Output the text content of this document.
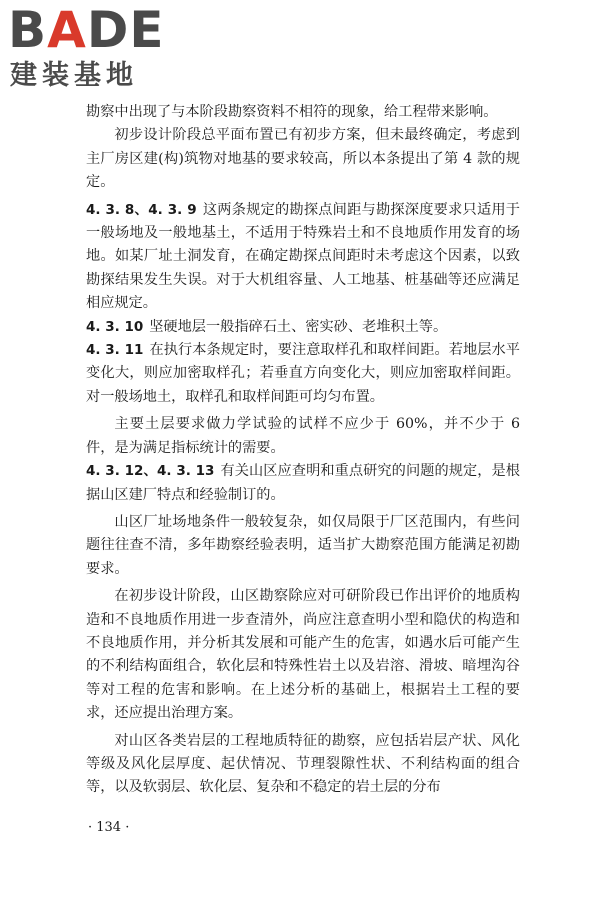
BADE
建装基地

勘察中出现了与本阶段勘察资料不相符的现象，给工程带来影响。

初步设计阶段总平面布置已有初步方案，但未最终确定，考虑到主厂房区建(构)筑物对地基的要求较高，所以本条提出了第 4 款的规定。

4. 3. 8、4. 3. 9 这两条规定的勘探点间距与勘探深度要求只适用于一般场地及一般地基土，不适用于特殊岩土和不良地质作用发育的场地。如某厂址土洞发育，在确定勘探点间距时未考虑这个因素，以致勘探结果发生失误。对于大机组容量、人工地基、桩基础等还应满足相应规定。

4. 3. 10 坚硬地层一般指碎石土、密实砂、老堆积土等。

4. 3. 11 在执行本条规定时，要注意取样孔和取样间距。若地层水平变化大，则应加密取样孔；若垂直方向变化大，则应加密取样间距。对一般场地土，取样孔和取样间距可均匀布置。

主要土层要求做力学试验的试样不应少于 60%，并不少于 6 件，是为满足指标统计的需要。

4. 3. 12、4. 3. 13 有关山区应查明和重点研究的问题的规定，是根据山区建厂特点和经验制订的。

山区厂址场地条件一般较复杂，如仅局限于厂区范围内，有些问题往往查不清，多年勘察经验表明，适当扩大勘察范围方能满足初勘要求。

在初步设计阶段，山区勘察除应对可研阶段已作出评价的地质构造和不良地质作用进一步查清外，尚应注意查明小型和隐伏的构造和不良地质作用，并分析其发展和可能产生的危害，如遇水后可能产生的不利结构面组合，软化层和特殊性岩土以及岩溶、滑坡、暗埋沟谷等对工程的危害和影响。在上述分析的基础上，根据岩土工程的要求，还应提出治理方案。

对山区各类岩层的工程地质特征的勘察，应包括岩层产状、风化等级及风化层厚度、起伏情况、节理裂隙性状、不利结构面的组合等，以及软弱层、软化层、复杂和不稳定的岩土层的分布

· 134 ·
